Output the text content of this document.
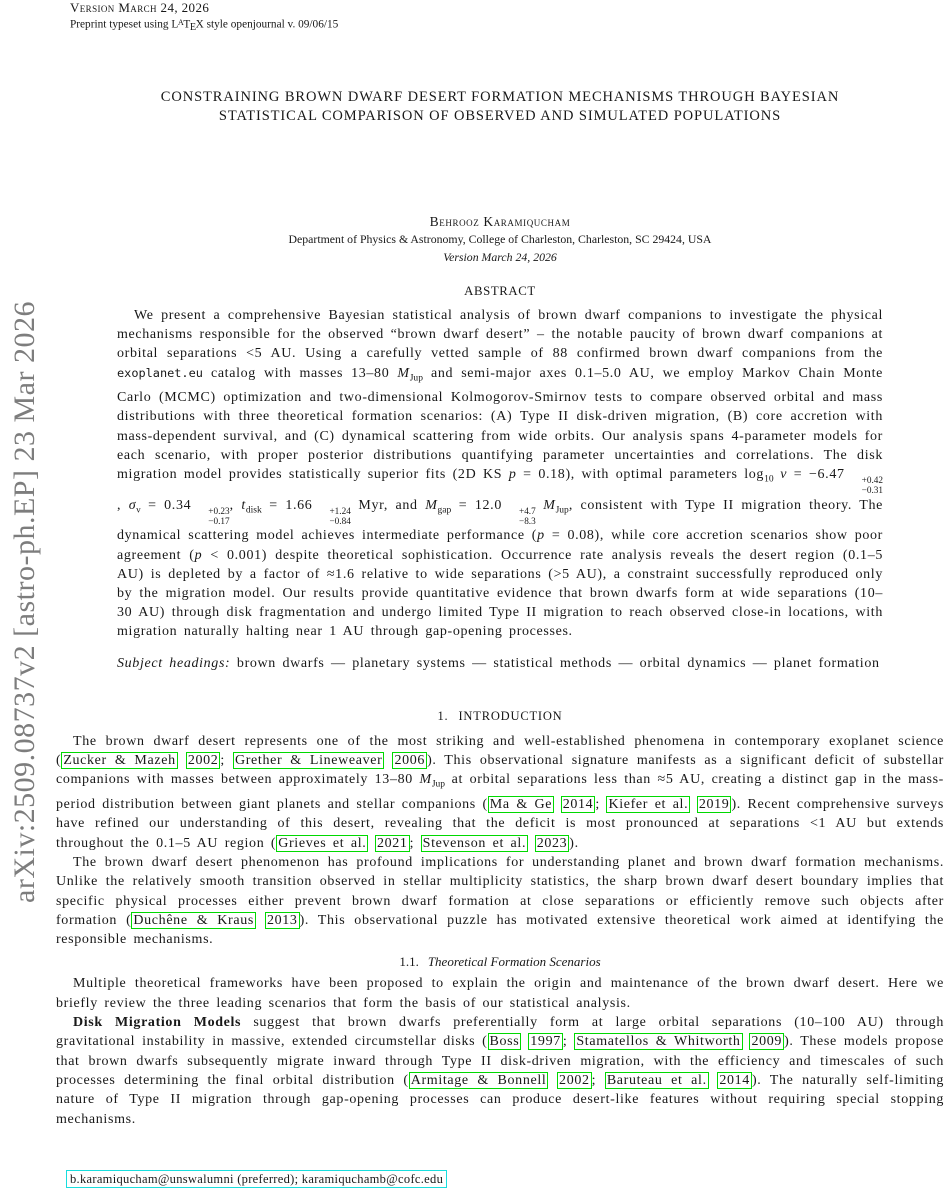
arXiv:2509.08737v2 [astro-ph.EP] 23 Mar 2026
Version March 24, 2026
Preprint typeset using $L^ATEX$ style openjournal v. 09/06/15
CONSTRAINING BROWN DWARF DESERT FORMATION MECHANISMS THROUGH BAYESIAN STATISTICAL COMPARISON OF OBSERVED AND SIMULATED POPULATIONS
Behrooz Karamiqucham
Department of Physics & Astronomy, College of Charleston, Charleston, SC 29424, USA
Version March 24, 2026
ABSTRACT

We present a comprehensive Bayesian statistical analysis of brown dwarf companions to investigate the physical mechanisms responsible for the observed “brown dwarf desert” – the notable paucity of brown dwarf companions at orbital separations <5 AU. Using a carefully vetted sample of 88 confirmed brown dwarf companions from the exoplanet.eu catalog with masses 13–80 $M_{Jup}$ and semi-major axes 0.1–5.0 AU, we employ Markov Chain Monte Carlo (MCMC) optimization and two-dimensional Kolmogorov-Smirnov tests to compare observed orbital and mass distributions with three theoretical formation scenarios: (A) Type II disk-driven migration, (B) core accretion with mass-dependent survival, and (C) dynamical scattering from wide orbits. Our analysis spans 4-parameter models for each scenario, with proper posterior distributions quantifying parameter uncertainties and correlations. The disk migration model provides statistically superior fits (2D KS p = 0.18), with optimal parameters $\log_{10} \nu = -6.47$	+0.42
−0.31
, $\sigma_\nu = 0.34$	+0.23
−0.17
, $t_{disk} = 1.66$	+1.24
−0.84
Myr, and $M_{gap} = 12.0$	+4.7
−8.3
$M_{Jup}$, consistent with Type II migration theory. The dynamical scattering model achieves intermediate performance (p = 0.08), while core accretion scenarios show poor agreement (p < 0.001) despite theoretical sophistication. Occurrence rate analysis reveals the desert region (0.1–5 AU) is depleted by a factor of ≈1.6 relative to wide separations (>5 AU), a constraint successfully reproduced only by the migration model. Our results provide quantitative evidence that brown dwarfs form at wide separations (10–30 AU) through disk fragmentation and undergo limited Type II migration to reach observed close-in locations, with migration naturally halting near 1 AU through gap-opening processes.

Subject headings: brown dwarfs — planetary systems — statistical methods — orbital dynamics — planet formation
1. INTRODUCTION

The brown dwarf desert represents one of the most striking and well-established phenomena in contemporary exoplanet science ( Zucker & Mazeh 2002 ; Grether & Lineweaver 2006 ). This observational signature manifests as a significant deficit of substellar companions with masses between approximately 13–80 $M_{Jup}$ at orbital separations less than ≈5 AU, creating a distinct gap in the mass-period distribution between giant planets and stellar companions ( Ma & Ge 2014 ; Kiefer et al. 2019 ). Recent comprehensive surveys have refined our understanding of this desert, revealing that the deficit is most pronounced at separations <1 AU but extends throughout the 0.1–5 AU region ( Grieves et al. 2021 ; Stevenson et al. 2023 ).

The brown dwarf desert phenomenon has profound implications for understanding planet and brown dwarf formation mechanisms. Unlike the relatively smooth transition observed in stellar multiplicity statistics, the sharp brown dwarf desert boundary implies that specific physical processes either prevent brown dwarf formation at close separations or efficiently remove such objects after formation ( Duchêne & Kraus 2013 ). This observational puzzle has motivated extensive theoretical work aimed at identifying the responsible mechanisms.

1.1. Theoretical Formation Scenarios

Multiple theoretical frameworks have been proposed to explain the origin and maintenance of the brown dwarf desert. Here we briefly review the three leading scenarios that form the basis of our statistical analysis.

Disk Migration Models suggest that brown dwarfs preferentially form at large orbital separations (10–100 AU) through gravitational instability in massive, extended circumstellar disks ( Boss 1997 ; Stamatellos & Whitworth 2009 ). These models propose that brown dwarfs subsequently migrate inward through Type II disk-driven migration, with the efficiency and timescales of such processes determining the final orbital distribution ( Armitage & Bonnell 2002 ; Baruteau et al. 2014 ). The naturally self-limiting nature of Type II migration through gap-opening processes can produce desert-like features without requiring special stopping mechanisms.

b.karamiqucham@unswalumni (preferred); karamiquchamb@cofc.edu
